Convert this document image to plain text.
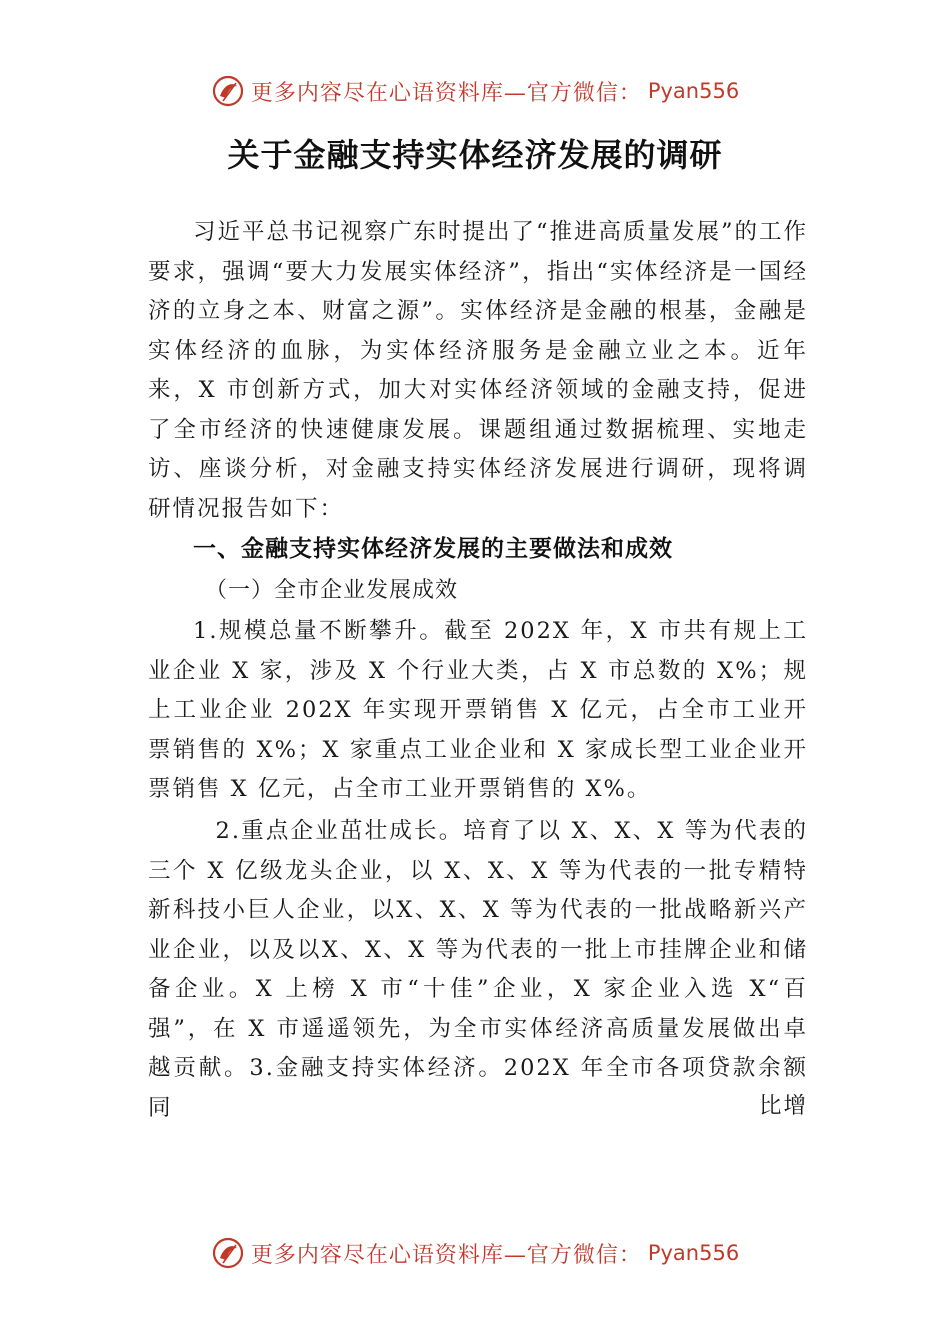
更多内容尽在心语资料库—官方微信： Pyan556
关于金融支持实体经济发展的调研

习近平总书记视察广东时提出了“推进高质量发展”的工作要求，强调“要大力发展实体经济”，指出“实体经济是一国经济的立身之本、财富之源”。实体经济是金融的根基，金融是实体经济的血脉，为实体经济服务是金融立业之本。近年来，X 市创新方式，加大对实体经济领域的金融支持，促进了全市经济的快速健康发展。课题组通过数据梳理、实地走访、座谈分析，对金融支持实体经济发展进行调研，现将调研情况报告如下：

一、金融支持实体经济发展的主要做法和成效
（一）全市企业发展成效

1.规模总量不断攀升。截至 202X 年，X 市共有规上工业企业 X 家，涉及 X 个行业大类，占 X 市总数的 X%；规上工业企业 202X 年实现开票销售 X 亿元，占全市工业开票销售的 X%；X 家重点工业企业和 X 家成长型工业企业开票销售 X 亿元，占全市工业开票销售的 X%。

2.重点企业茁壮成长。培育了以 X、X、X 等为代表的三个 X 亿级龙头企业，以 X、X、X 等为代表的一批专精特新科技小巨人企业，以X、X、X 等为代表的一批战略新兴产业企业，以及以X、X、X 等为代表的一批上市挂牌企业和储备企业。X 上榜 X 市“十佳”企业，X 家企业入选 X“百强”，在 X 市遥遥领先，为全市实体经济高质量发展做出卓越贡献。3.金融支持实体经济。202X 年全市各项贷款余额同	比增
更多内容尽在心语资料库—官方微信： Pyan556
